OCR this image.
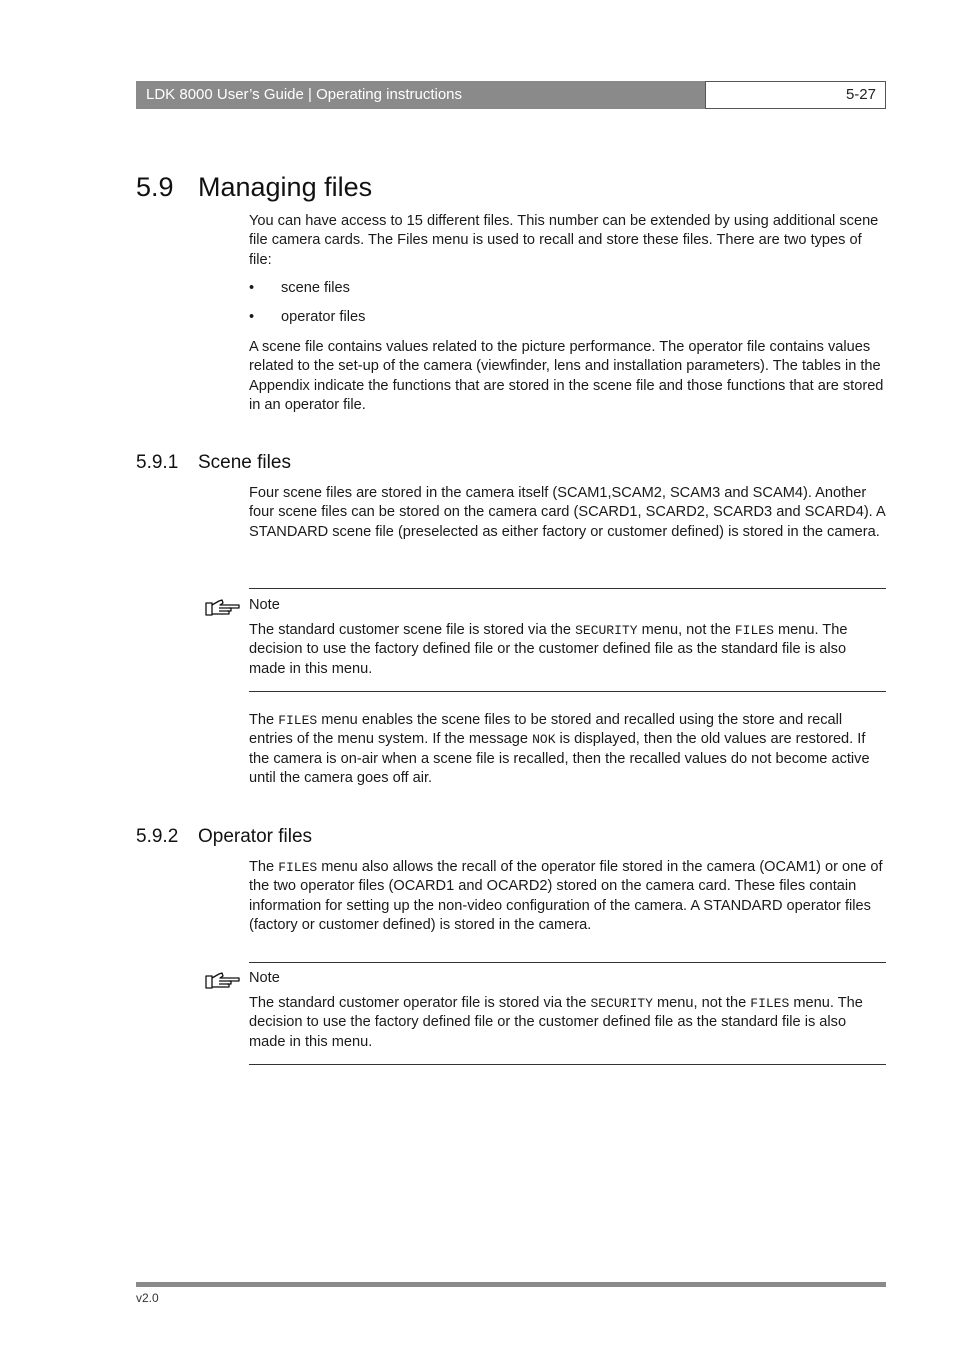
LDK 8000 User’s Guide | Operating instructions	5-27
5.9 Managing files

You can have access to 15 different files. This number can be extended by using additional scene file camera cards. The Files menu is used to recall and store these files. There are two types of file:

• scene files
• operator files

A scene file contains values related to the picture performance. The operator file contains values related to the set-up of the camera (viewfinder, lens and installation parameters). The tables in the Appendix indicate the functions that are stored in the scene file and those functions that are stored in an operator file.

5.9.1 Scene files

Four scene files are stored in the camera itself (SCAM1,SCAM2, SCAM3 and SCAM4). Another four scene files can be stored on the camera card (SCARD1, SCARD2, SCARD3 and SCARD4). A STANDARD scene file (preselected as either factory or customer defined) is stored in the camera.

Note

The standard customer scene file is stored via the SECURITY menu, not the FILES menu. The decision to use the factory defined file or the customer defined file as the standard file is also made in this menu.

The FILES menu enables the scene files to be stored and recalled using the store and recall entries of the menu system. If the message NOK is displayed, then the old values are restored. If the camera is on-air when a scene file is recalled, then the recalled values do not become active until the camera goes off air.

5.9.2 Operator files

The FILES menu also allows the recall of the operator file stored in the camera (OCAM1) or one of the two operator files (OCARD1 and OCARD2) stored on the camera card. These files contain information for setting up the non-video configuration of the camera. A STANDARD operator files (factory or customer defined) is stored in the camera.

Note

The standard customer operator file is stored via the SECURITY menu, not the FILES menu. The decision to use the factory defined file or the customer defined file as the standard file is also made in this menu.

v2.0
